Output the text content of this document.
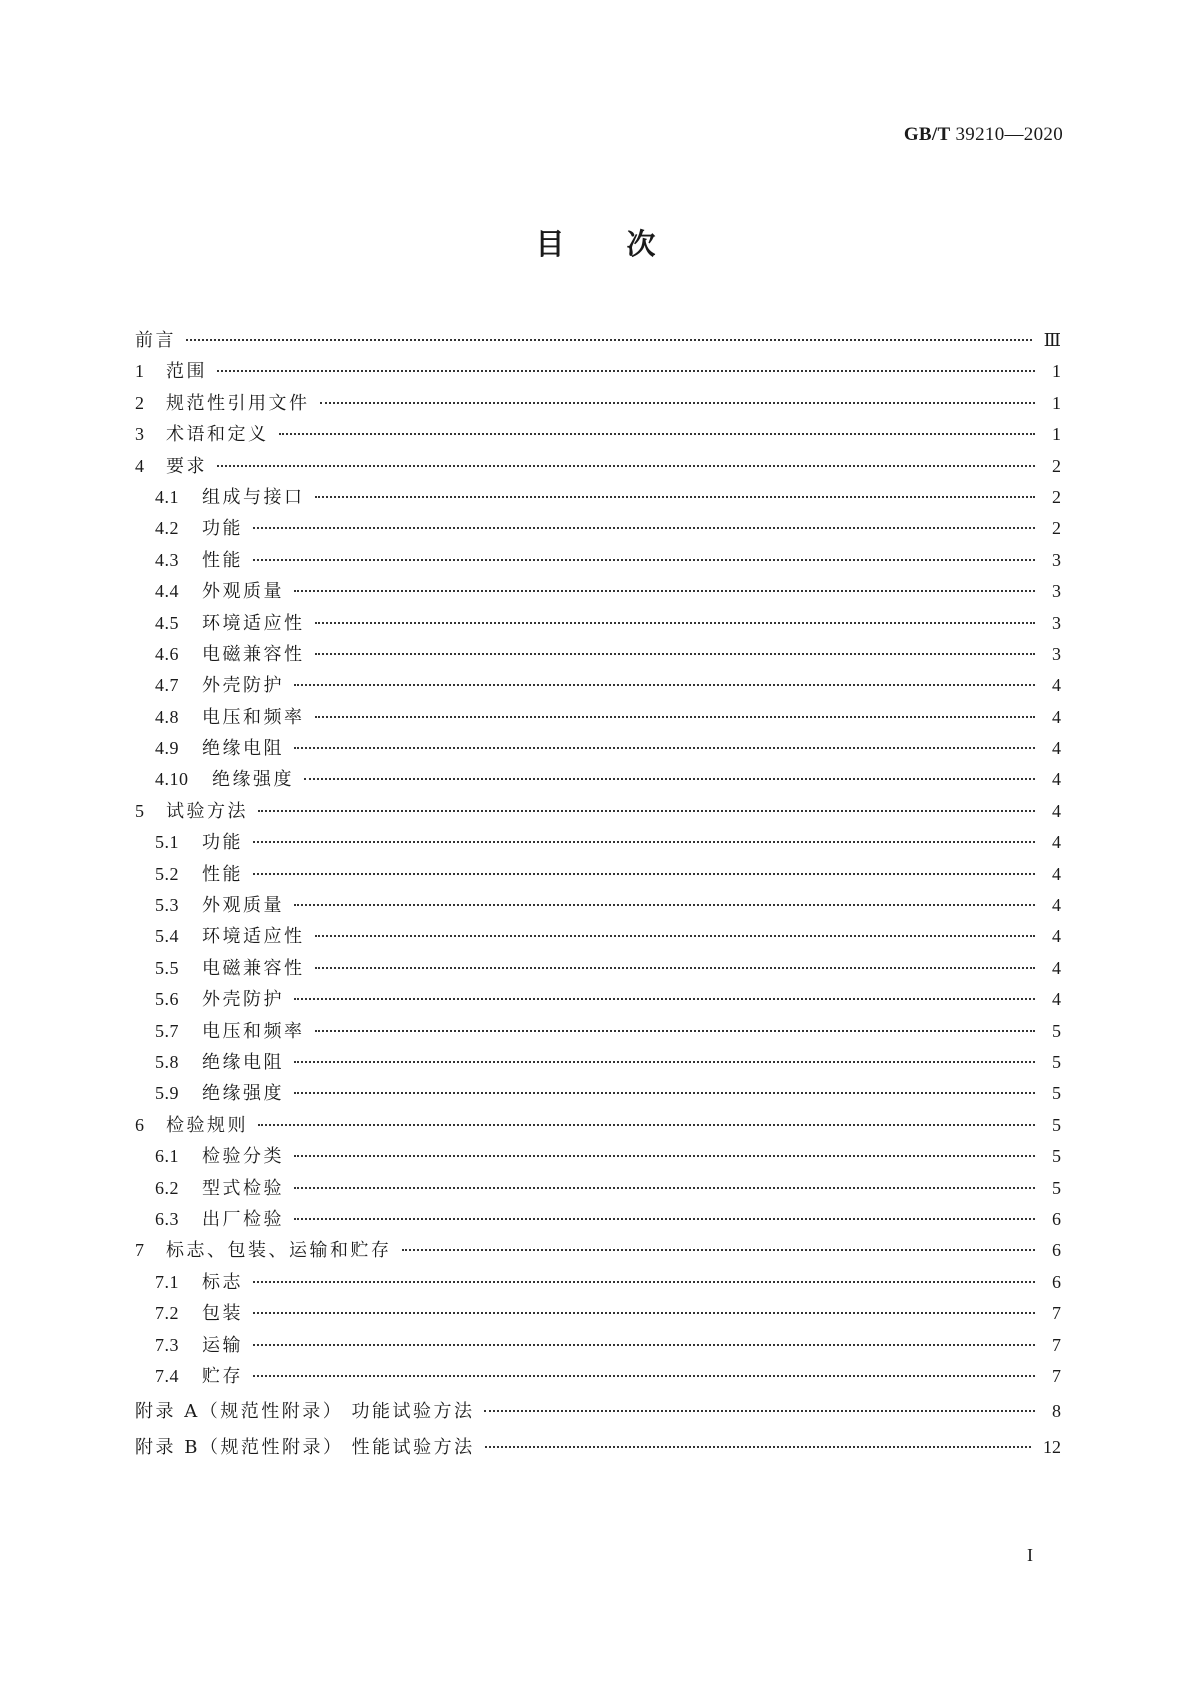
GB/T 39210—2020
目次
前言	Ⅲ
1	范围	1
2	规范性引用文件	1
3	术语和定义	1
4	要求	2
4.1	组成与接口	2
4.2	功能	2
4.3	性能	3
4.4	外观质量	3
4.5	环境适应性	3
4.6	电磁兼容性	3
4.7	外壳防护	4
4.8	电压和频率	4
4.9	绝缘电阻	4
4.10	绝缘强度	4
5	试验方法	4
5.1	功能	4
5.2	性能	4
5.3	外观质量	4
5.4	环境适应性	4
5.5	电磁兼容性	4
5.6	外壳防护	4
5.7	电压和频率	5
5.8	绝缘电阻	5
5.9	绝缘强度	5
6	检验规则	5
6.1	检验分类	5
6.2	型式检验	5
6.3	出厂检验	6
7	标志、包装、运输和贮存	6
7.1	标志	6
7.2	包装	7
7.3	运输	7
7.4	贮存	7
附录 A（规范性附录） 功能试验方法	8
附录 B（规范性附录） 性能试验方法	12
I
